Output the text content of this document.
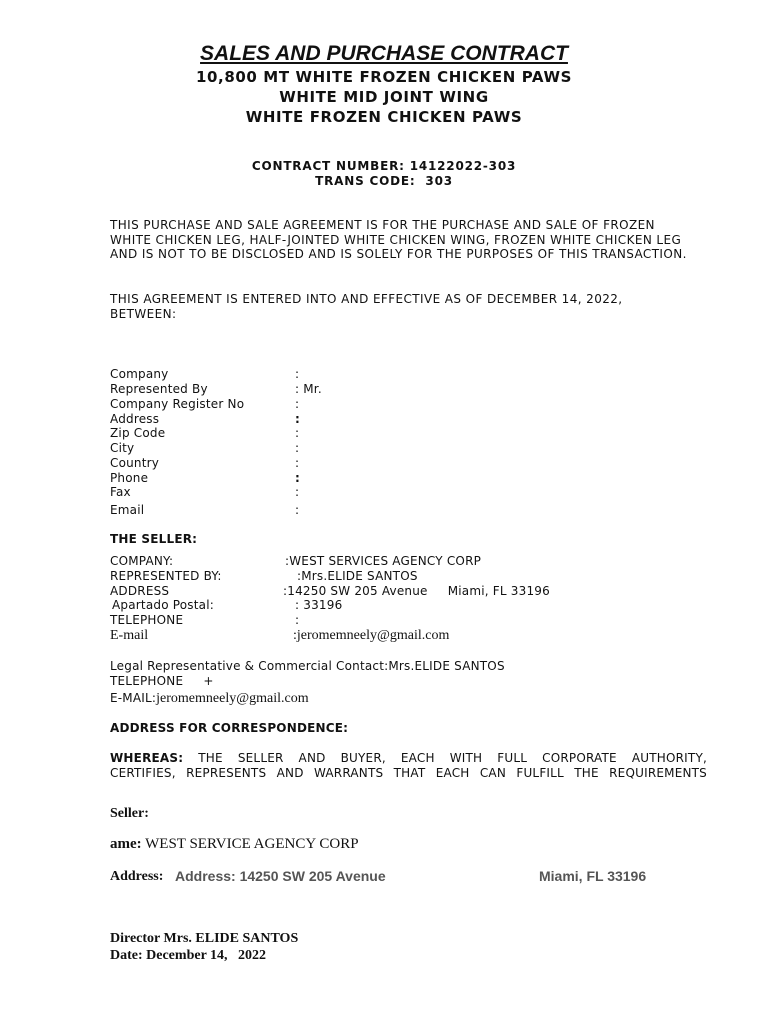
SALES AND PURCHASE CONTRACT
10,800 MT WHITE FROZEN CHICKEN PAWS
WHITE MID JOINT WING
WHITE FROZEN CHICKEN PAWS
CONTRACT NUMBER: 14122022-303
TRANS CODE:  303
THIS PURCHASE AND SALE AGREEMENT IS FOR THE PURCHASE AND SALE OF FROZEN WHITE CHICKEN LEG, HALF-JOINTED WHITE CHICKEN WING, FROZEN WHITE CHICKEN LEG AND IS NOT TO BE DISCLOSED AND IS SOLELY FOR THE PURPOSES OF THIS TRANSACTION.
THIS AGREEMENT IS ENTERED INTO AND EFFECTIVE AS OF DECEMBER 14, 2022, BETWEEN:
Company	:
Represented By	: Mr.
Company Register No	:
Address	:
Zip Code	:
City	:
Country	:
Phone	:
Fax	:
Email	:
THE SELLER:
COMPANY:	:WEST SERVICES AGENCY CORP
REPRESENTED BY:	:Mrs.ELIDE SANTOS
ADDRESS	:14250 SW 205 Avenue     Miami, FL 33196
Apartado Postal:	: 33196
TELEPHONE	:
E-mail	:jeromemneely@gmail.com
Legal Representative & Commercial Contact:Mrs.ELIDE SANTOS
TELEPHONE     +
E-MAIL:jeromemneely@gmail.com
ADDRESS FOR CORRESPONDENCE:
WHEREAS: THE SELLER AND BUYER, EACH WITH FULL CORPORATE AUTHORITY,
CERTIFIES, REPRESENTS AND WARRANTS THAT EACH CAN FULFILL THE REQUIREMENTS
Seller:
ame: WEST SERVICE AGENCY CORP
Address: Address: 14250 SW 205 Avenue	Miami, FL 33196
Director Mrs. ELIDE SANTOS
Date: December 14,   2022
